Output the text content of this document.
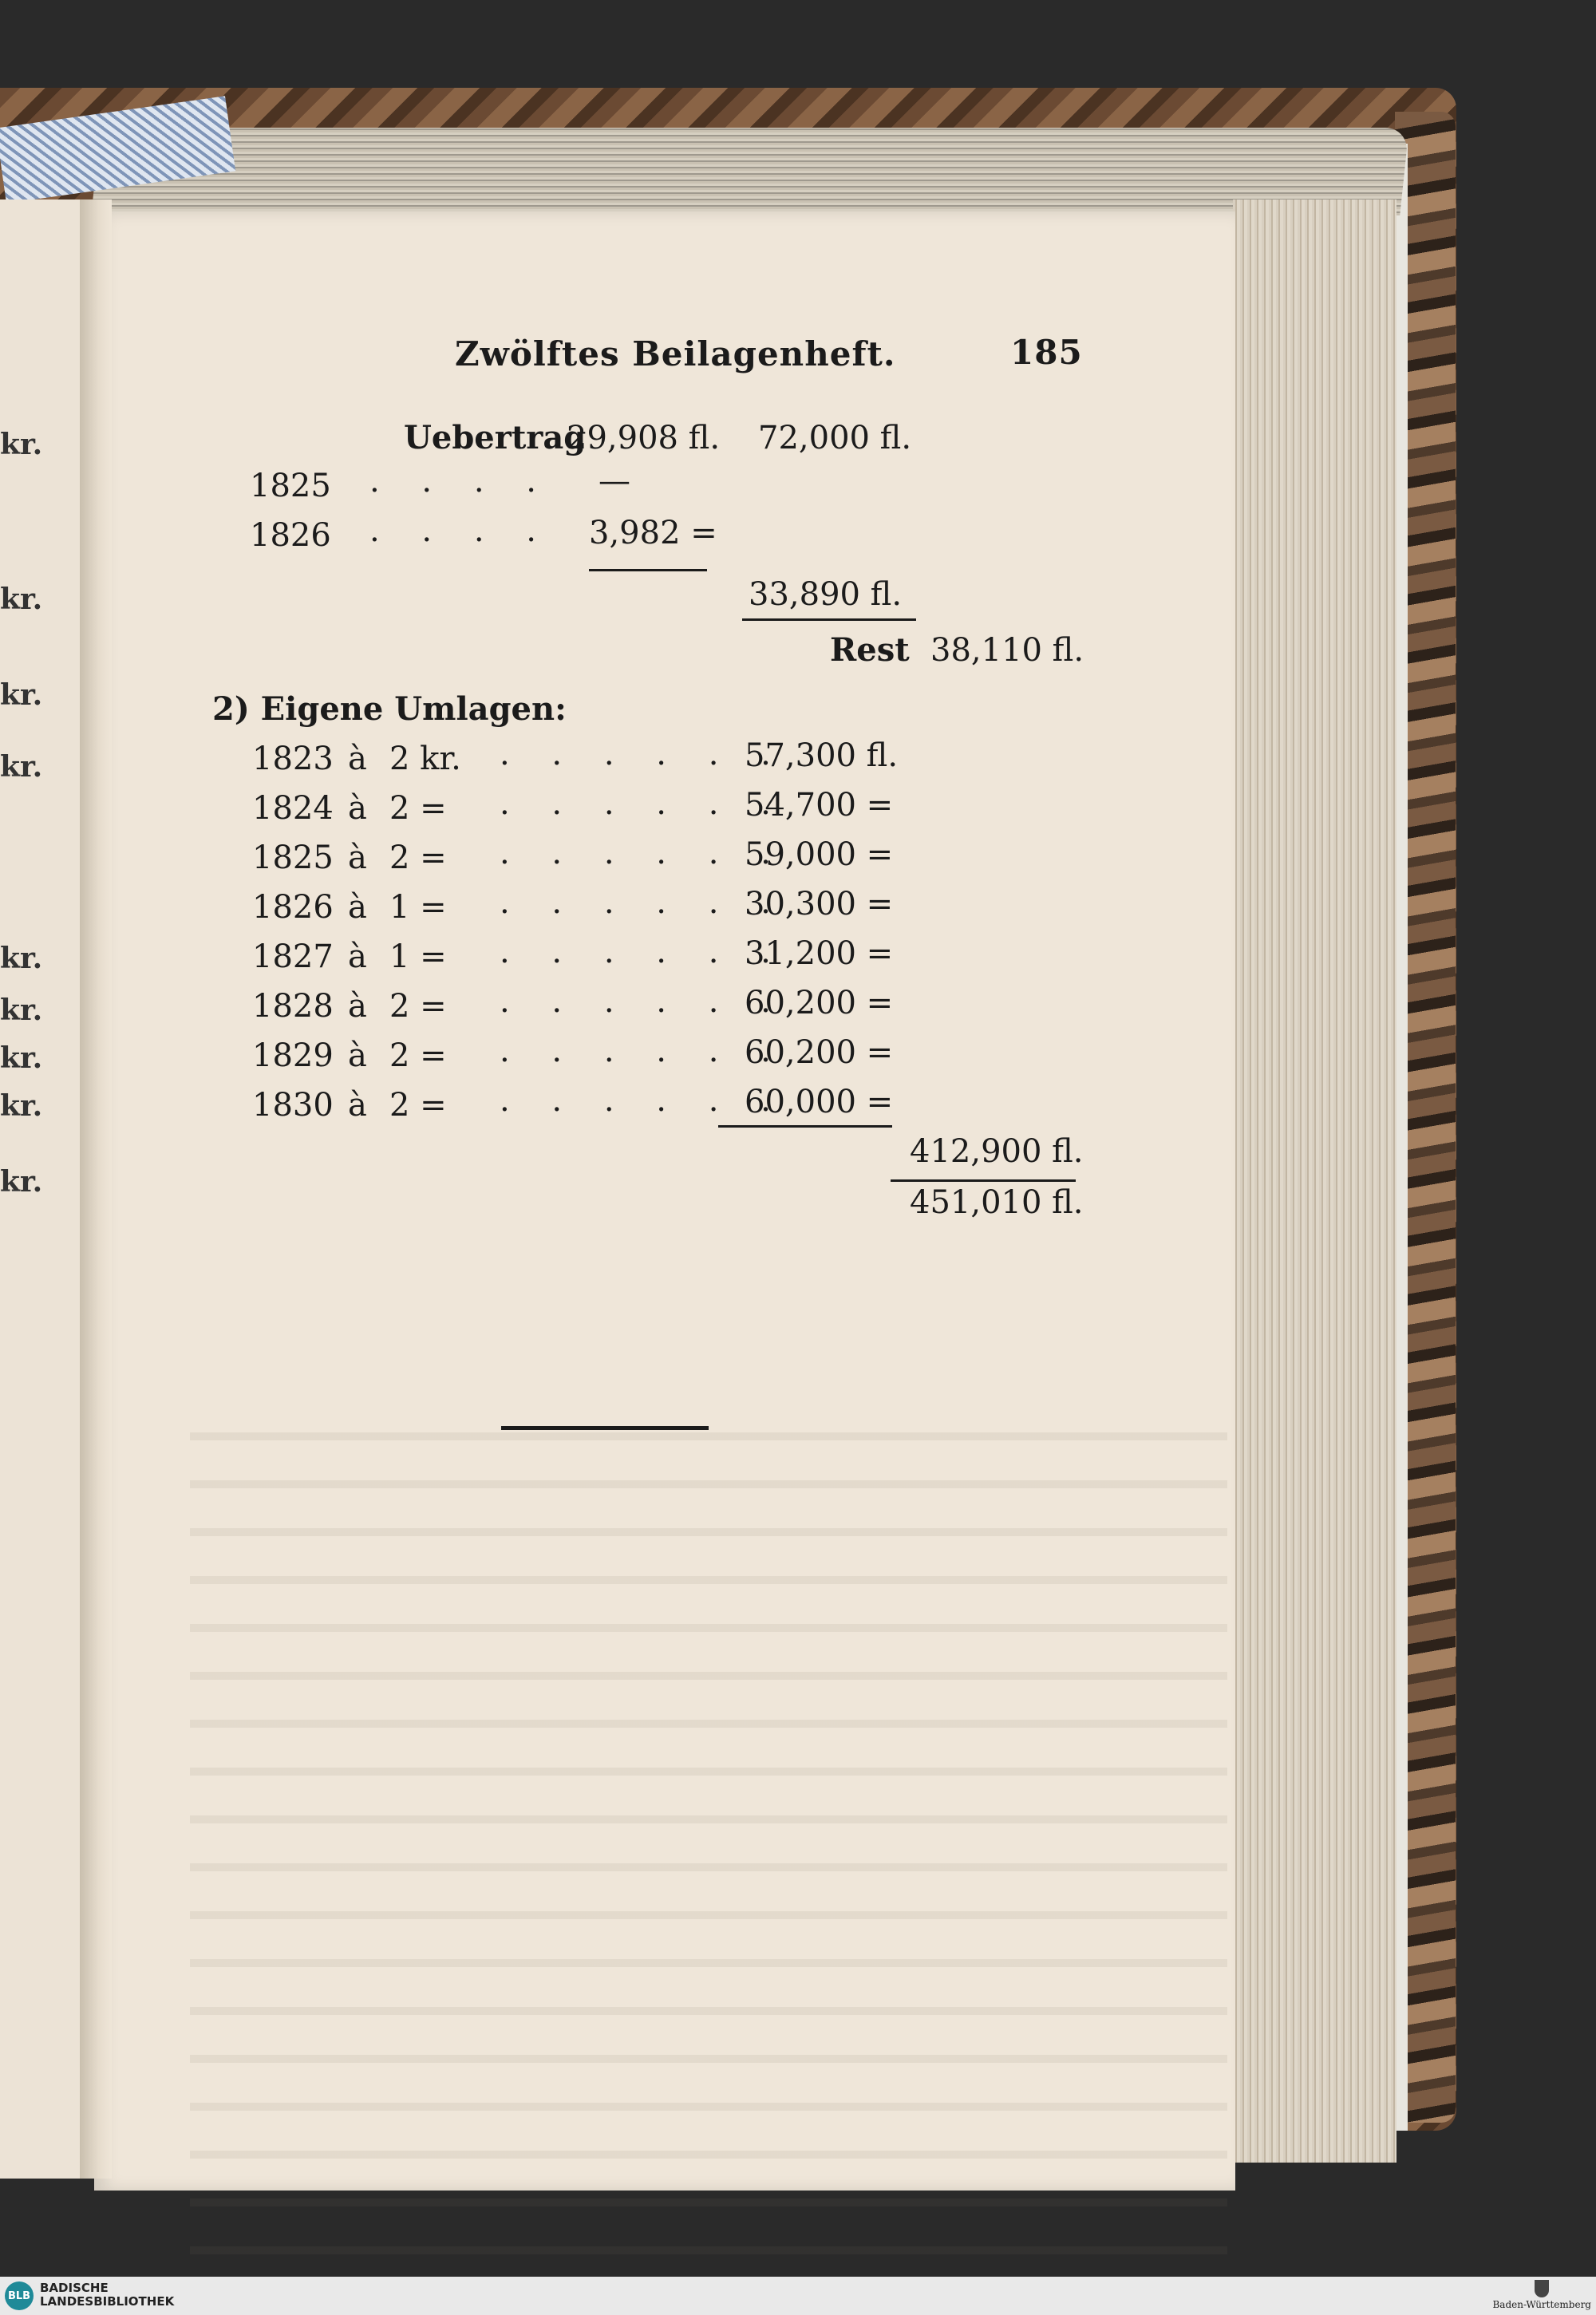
kr.
kr.
kr.
kr.
kr.
kr.
kr.
kr.
kr.
Zwölftes Beilagenheft.	185
Uebertrag
29,908 fl. 72,000 fl.
1825 . . . . —
1826 . . . . 3,982 =
33,890 fl.
Rest 38,110 fl.
2) Eigene Umlagen:
1823 à 2 kr. . . . . . .
57,300 fl.
1824 à 2 = . . . . . .
54,700 =
1825 à 2 = . . . . . .
59,000 =
1826 à 1 = . . . . . .
30,300 =
1827 à 1 = . . . . . .
31,200 =
1828 à 2 = . . . . . .
60,200 =
1829 à 2 = . . . . . .
60,200 =
1830 à 2 = . . . . . .
60,000 =
412,900 fl.
451,010 fl.
BLB
BADISCHE
LANDESBIBLIOTHEK	Baden-Württemberg
